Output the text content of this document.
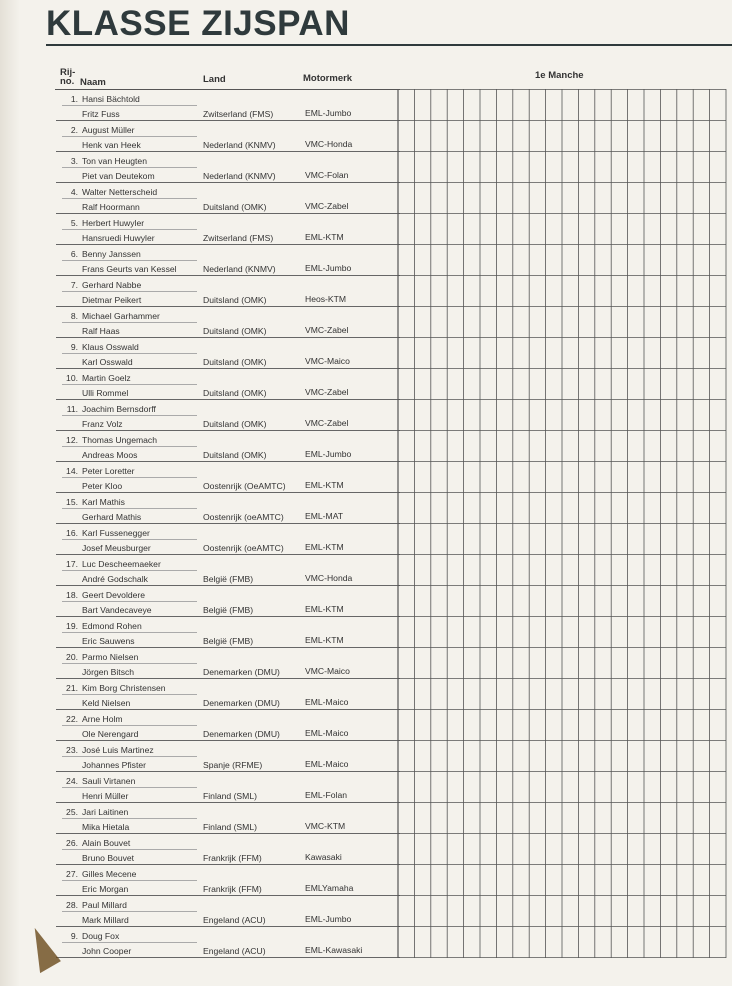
KLASSE ZIJSPAN
Rij-
no. Naam	Land	Motormerk	1e Manche

1. Hansi Bächtold
Fritz Fuss	Zwitserland (FMS)	EML-Jumbo
2. August Müller
Henk van Heek	Nederland (KNMV)	VMC-Honda
3. Ton van Heugten
Piet van Deutekom	Nederland (KNMV)	VMC-Folan
4. Walter Netterscheid
Ralf Hoormann	Duitsland (OMK)	VMC-Zabel
5. Herbert Huwyler
Hansruedi Huwyler	Zwitserland (FMS)	EML-KTM
6. Benny Janssen
Frans Geurts van Kessel	Nederland (KNMV)	EML-Jumbo
7. Gerhard Nabbe
Dietmar Peikert	Duitsland (OMK)	Heos-KTM
8. Michael Garhammer
Ralf Haas	Duitsland (OMK)	VMC-Zabel
9. Klaus Osswald
Karl Osswald	Duitsland (OMK)	VMC-Maico
10. Martin Goelz
Ulli Rommel	Duitsland (OMK)	VMC-Zabel
11. Joachim Bernsdorff
Franz Volz	Duitsland (OMK)	VMC-Zabel
12. Thomas Ungemach
Andreas Moos	Duitsland (OMK)	EML-Jumbo
14. Peter Loretter
Peter Kloo	Oostenrijk (OeAMTC) EML-KTM
15. Karl Mathis
Gerhard Mathis	Oostenrijk (oeAMTC) EML-MAT
16. Karl Fussenegger
Josef Meusburger	Oostenrijk (oeAMTC) EML-KTM
17. Luc Descheemaeker
André Godschalk	België (FMB)	VMC-Honda
18. Geert Devoldere
Bart Vandecaveye	België (FMB)	EML-KTM
19. Edmond Rohen
Eric Sauwens	België (FMB)	EML-KTM
20. Parmo Nielsen
Jörgen Bitsch	Denemarken (DMU)	VMC-Maico
21. Kim Borg Christensen
Keld Nielsen	Denemarken (DMU)	EML-Maico
22. Arne Holm
Ole Nerengard	Denemarken (DMU)	EML-Maico
23. José Luis Martinez
Johannes Pfister	Spanje (RFME)	EML-Maico
24. Sauli Virtanen
Henri Müller	Finland (SML)	EML-Folan
25. Jari Laitinen
Mika Hietala	Finland (SML)	VMC-KTM
26. Alain Bouvet
Bruno Bouvet	Frankrijk (FFM)	Kawasaki
27. Gilles Mecene
Eric Morgan	Frankrijk (FFM)	EMLYamaha
28. Paul Millard
Mark Millard	Engeland (ACU)	EML-Jumbo
9. Doug Fox
John Cooper	Engeland (ACU)	EML-Kawasaki
